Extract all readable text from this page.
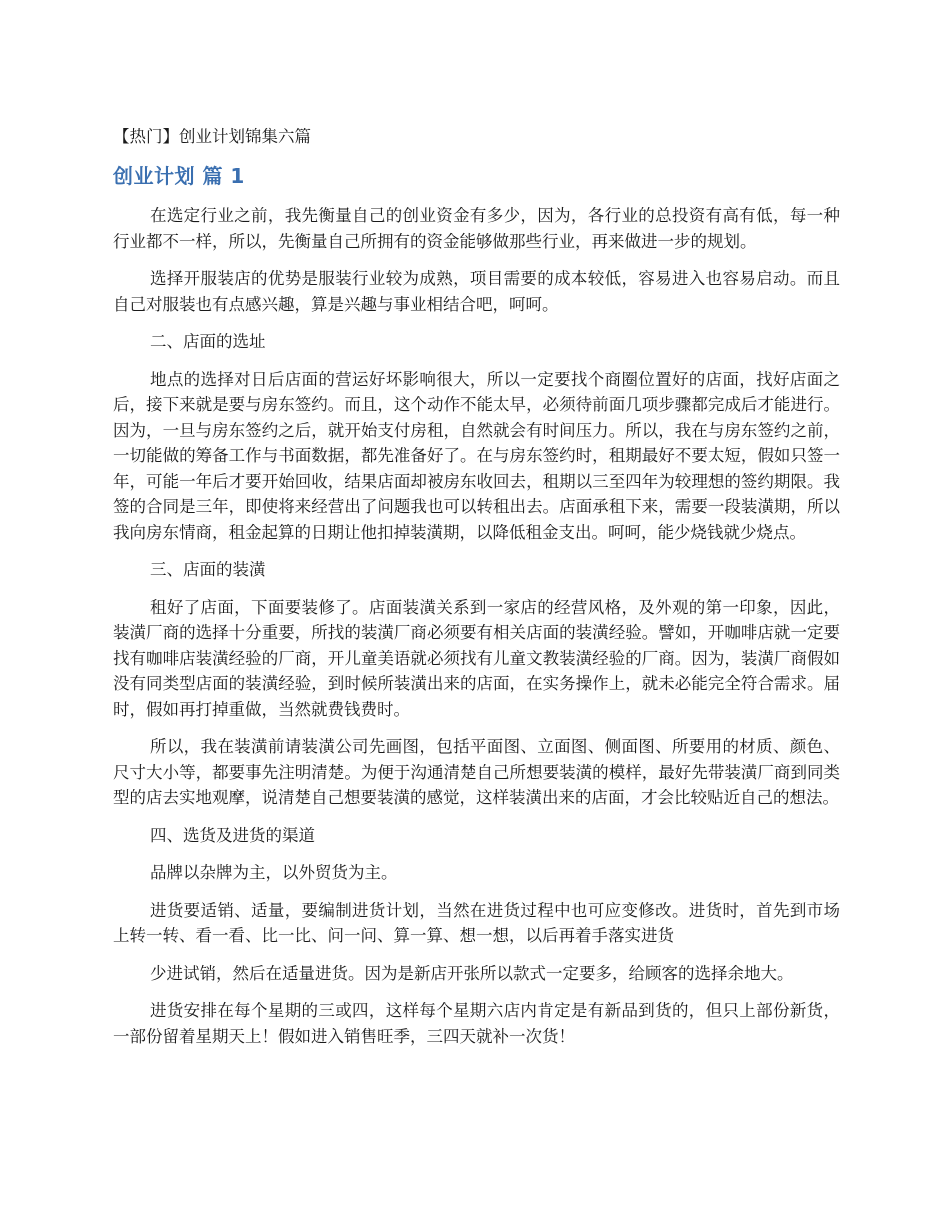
【热门】创业计划锦集六篇
创业计划 篇 1

在选定行业之前，我先衡量自己的创业资金有多少，因为，各行业的总投资有高有低，每一种行业都不一样，所以，先衡量自己所拥有的资金能够做那些行业，再来做进一步的规划。

选择开服装店的优势是服装行业较为成熟，项目需要的成本较低，容易进入也容易启动。而且自己对服装也有点感兴趣，算是兴趣与事业相结合吧，呵呵。

二、店面的选址

地点的选择对日后店面的营运好坏影响很大，所以一定要找个商圈位置好的店面，找好店面之后，接下来就是要与房东签约。而且，这个动作不能太早，必须待前面几项步骤都完成后才能进行。因为，一旦与房东签约之后，就开始支付房租，自然就会有时间压力。所以，我在与房东签约之前，一切能做的筹备工作与书面数据，都先准备好了。在与房东签约时，租期最好不要太短，假如只签一年，可能一年后才要开始回收，结果店面却被房东收回去，租期以三至四年为较理想的签约期限。我签的合同是三年，即使将来经营出了问题我也可以转租出去。店面承租下来，需要一段装潢期，所以我向房东情商，租金起算的日期让他扣掉装潢期，以降低租金支出。呵呵，能少烧钱就少烧点。

三、店面的装潢

租好了店面，下面要装修了。店面装潢关系到一家店的经营风格，及外观的第一印象，因此，装潢厂商的选择十分重要，所找的装潢厂商必须要有相关店面的装潢经验。譬如，开咖啡店就一定要找有咖啡店装潢经验的厂商，开儿童美语就必须找有儿童文教装潢经验的厂商。因为，装潢厂商假如没有同类型店面的装潢经验，到时候所装潢出来的店面，在实务操作上，就未必能完全符合需求。届时，假如再打掉重做，当然就费钱费时。

所以，我在装潢前请装潢公司先画图，包括平面图、立面图、侧面图、所要用的材质、颜色、尺寸大小等，都要事先注明清楚。为便于沟通清楚自己所想要装潢的模样，最好先带装潢厂商到同类型的店去实地观摩，说清楚自己想要装潢的感觉，这样装潢出来的店面，才会比较贴近自己的想法。

四、选货及进货的渠道

品牌以杂牌为主，以外贸货为主。

进货要适销、适量，要编制进货计划，当然在进货过程中也可应变修改。进货时，首先到市场上转一转、看一看、比一比、问一问、算一算、想一想，以后再着手落实进货

少进试销，然后在适量进货。因为是新店开张所以款式一定要多，给顾客的选择余地大。

进货安排在每个星期的三或四，这样每个星期六店内肯定是有新品到货的，但只上部份新货，一部份留着星期天上！假如进入销售旺季，三四天就补一次货！
